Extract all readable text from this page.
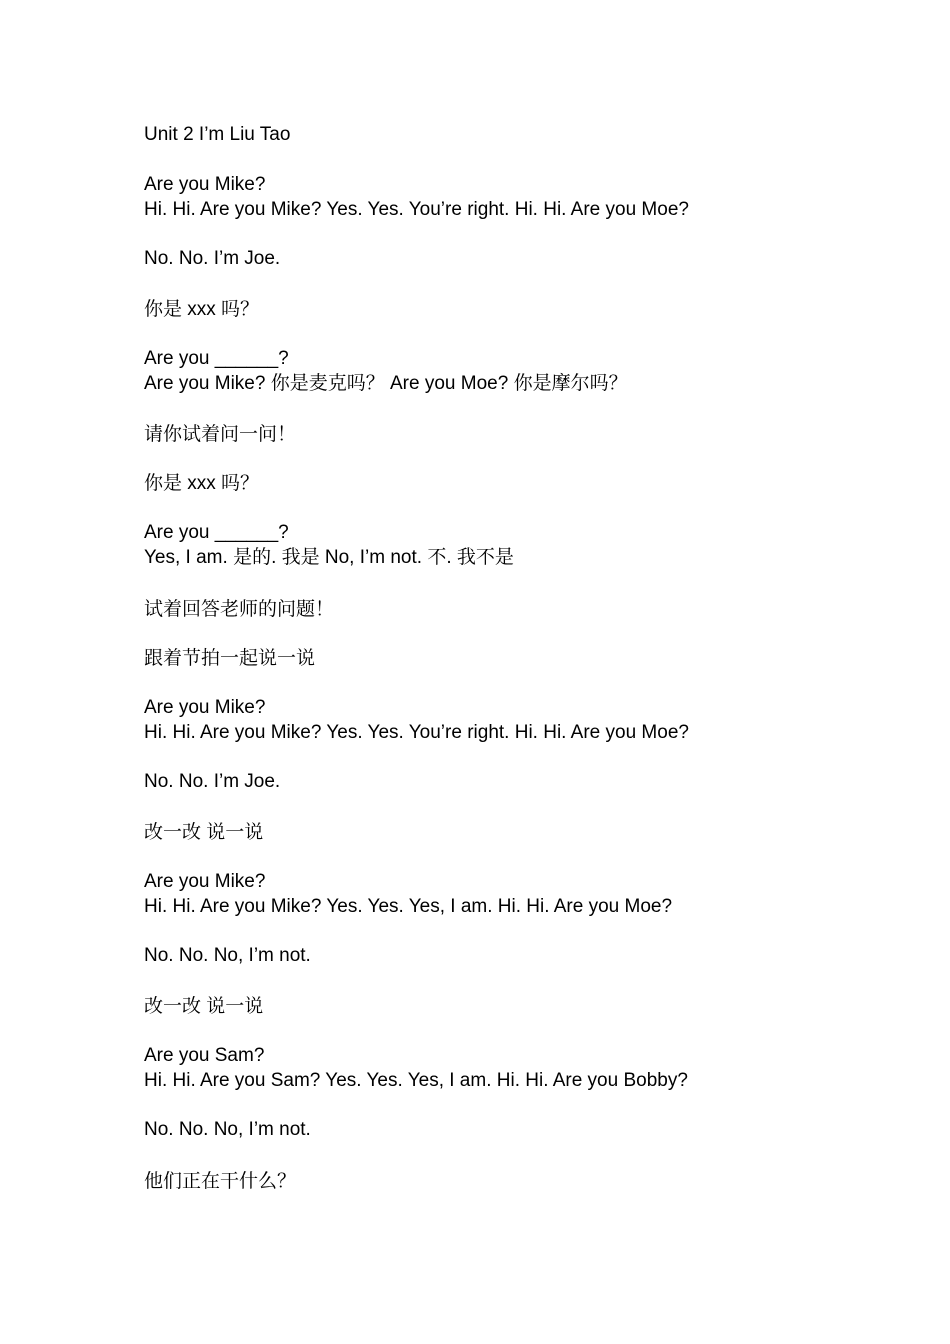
Unit 2 I’m Liu Tao

Are you Mike?

Hi. Hi. Are you Mike? Yes. Yes. You’re right. Hi. Hi. Are you Moe?

No. No. I’m Joe.

你是 xxx 吗？

Are you ______?

Are you Mike? 你是麦克吗？ Are you Moe? 你是摩尔吗？

请你试着问一问！

你是 xxx 吗？

Are you ______?

Yes, I am. 是的. 我是 No, I’m not. 不. 我不是

试着回答老师的问题！

跟着节拍一起说一说

Are you Mike?

Hi. Hi. Are you Mike? Yes. Yes. You’re right. Hi. Hi. Are you Moe?

No. No. I’m Joe.

改一改 说一说

Are you Mike?

Hi. Hi. Are you Mike? Yes. Yes. Yes, I am. Hi. Hi. Are you Moe?

No. No. No, I’m not.

改一改 说一说

Are you Sam?

Hi. Hi. Are you Sam? Yes. Yes. Yes, I am. Hi. Hi. Are you Bobby?

No. No. No, I’m not.

他们正在干什么？
